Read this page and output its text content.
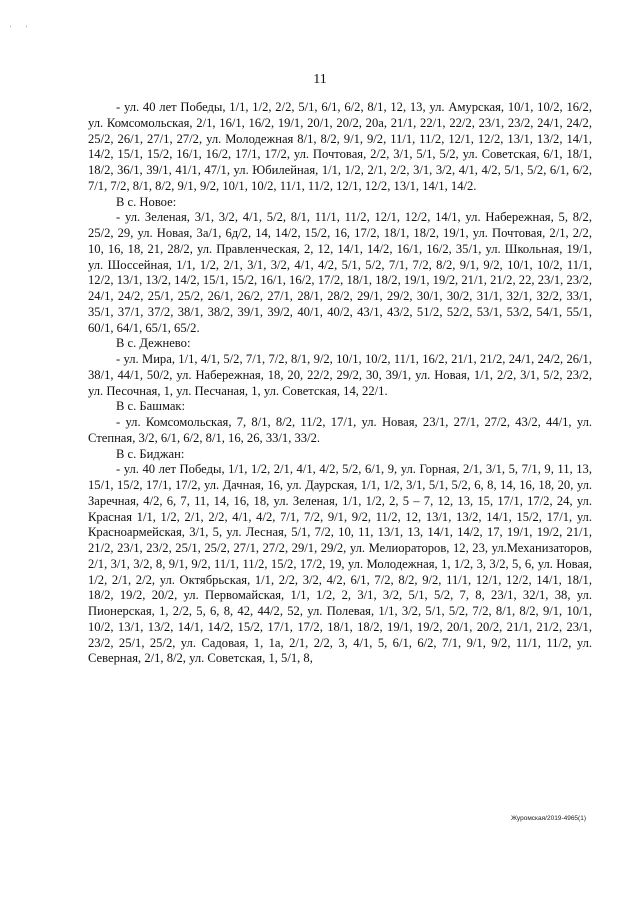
' '
11

- ул. 40 лет Победы, 1/1, 1/2, 2/2, 5/1, 6/1, 6/2, 8/1, 12, 13, ул. Амурская, 10/1, 10/2, 16/2, ул. Комсомольская, 2/1, 16/1, 16/2, 19/1, 20/1, 20/2, 20а, 21/1, 22/1, 22/2, 23/1, 23/2, 24/1, 24/2, 25/2, 26/1, 27/1, 27/2, ул. Молодежная 8/1, 8/2, 9/1, 9/2, 11/1, 11/2, 12/1, 12/2, 13/1, 13/2, 14/1, 14/2, 15/1, 15/2, 16/1, 16/2, 17/1, 17/2, ул. Почтовая, 2/2, 3/1, 5/1, 5/2, ул. Советская, 6/1, 18/1, 18/2, 36/1, 39/1, 41/1, 47/1, ул. Юбилейная, 1/1, 1/2, 2/1, 2/2, 3/1, 3/2, 4/1, 4/2, 5/1, 5/2, 6/1, 6/2, 7/1, 7/2, 8/1, 8/2, 9/1, 9/2, 10/1, 10/2, 11/1, 11/2, 12/1, 12/2, 13/1, 14/1, 14/2.

В с. Новое:

- ул. Зеленая, 3/1, 3/2, 4/1, 5/2, 8/1, 11/1, 11/2, 12/1, 12/2, 14/1, ул. Набережная, 5, 8/2, 25/2, 29, ул. Новая, 3а/1, 6д/2, 14, 14/2, 15/2, 16, 17/2, 18/1, 18/2, 19/1, ул. Почтовая, 2/1, 2/2, 10, 16, 18, 21, 28/2, ул. Правленческая, 2, 12, 14/1, 14/2, 16/1, 16/2, 35/1, ул. Школьная, 19/1, ул. Шоссейная, 1/1, 1/2, 2/1, 3/1, 3/2, 4/1, 4/2, 5/1, 5/2, 7/1, 7/2, 8/2, 9/1, 9/2, 10/1, 10/2, 11/1, 12/2, 13/1, 13/2, 14/2, 15/1, 15/2, 16/1, 16/2, 17/2, 18/1, 18/2, 19/1, 19/2, 21/1, 21/2, 22, 23/1, 23/2, 24/1, 24/2, 25/1, 25/2, 26/1, 26/2, 27/1, 28/1, 28/2, 29/1, 29/2, 30/1, 30/2, 31/1, 32/1, 32/2, 33/1, 35/1, 37/1, 37/2, 38/1, 38/2, 39/1, 39/2, 40/1, 40/2, 43/1, 43/2, 51/2, 52/2, 53/1, 53/2, 54/1, 55/1, 60/1, 64/1, 65/1, 65/2.

В с. Дежнево:

- ул. Мира, 1/1, 4/1, 5/2, 7/1, 7/2, 8/1, 9/2, 10/1, 10/2, 11/1, 16/2, 21/1, 21/2, 24/1, 24/2, 26/1, 38/1, 44/1, 50/2, ул. Набережная, 18, 20, 22/2, 29/2, 30, 39/1, ул. Новая, 1/1, 2/2, 3/1, 5/2, 23/2, ул. Песочная, 1, ул. Песчаная, 1, ул. Советская, 14, 22/1.

В с. Башмак:

- ул. Комсомольская, 7, 8/1, 8/2, 11/2, 17/1, ул. Новая, 23/1, 27/1, 27/2, 43/2, 44/1, ул. Степная, 3/2, 6/1, 6/2, 8/1, 16, 26, 33/1, 33/2.

В с. Биджан:

- ул. 40 лет Победы, 1/1, 1/2, 2/1, 4/1, 4/2, 5/2, 6/1, 9, ул. Горная, 2/1, 3/1, 5, 7/1, 9, 11, 13, 15/1, 15/2, 17/1, 17/2, ул. Дачная, 16, ул. Даурская, 1/1, 1/2, 3/1, 5/1, 5/2, 6, 8, 14, 16, 18, 20, ул. Заречная, 4/2, 6, 7, 11, 14, 16, 18, ул. Зеленая, 1/1, 1/2, 2, 5 – 7, 12, 13, 15, 17/1, 17/2, 24, ул. Красная 1/1, 1/2, 2/1, 2/2, 4/1, 4/2, 7/1, 7/2, 9/1, 9/2, 11/2, 12, 13/1, 13/2, 14/1, 15/2, 17/1, ул. Красноармейская, 3/1, 5, ул. Лесная, 5/1, 7/2, 10, 11, 13/1, 13, 14/1, 14/2, 17, 19/1, 19/2, 21/1, 21/2, 23/1, 23/2, 25/1, 25/2, 27/1, 27/2, 29/1, 29/2, ул. Мелиораторов, 12, 23, ул.Механизаторов, 2/1, 3/1, 3/2, 8, 9/1, 9/2, 11/1, 11/2, 15/2, 17/2, 19, ул. Молодежная, 1, 1/2, 3, 3/2, 5, 6, ул. Новая, 1/2, 2/1, 2/2, ул. Октябрьская, 1/1, 2/2, 3/2, 4/2, 6/1, 7/2, 8/2, 9/2, 11/1, 12/1, 12/2, 14/1, 18/1, 18/2, 19/2, 20/2, ул. Первомайская, 1/1, 1/2, 2, 3/1, 3/2, 5/1, 5/2, 7, 8, 23/1, 32/1, 38, ул. Пионерская, 1, 2/2, 5, 6, 8, 42, 44/2, 52, ул. Полевая, 1/1, 3/2, 5/1, 5/2, 7/2, 8/1, 8/2, 9/1, 10/1, 10/2, 13/1, 13/2, 14/1, 14/2, 15/2, 17/1, 17/2, 18/1, 18/2, 19/1, 19/2, 20/1, 20/2, 21/1, 21/2, 23/1, 23/2, 25/1, 25/2, ул. Садовая, 1, 1а, 2/1, 2/2, 3, 4/1, 5, 6/1, 6/2, 7/1, 9/1, 9/2, 11/1, 11/2, ул. Северная, 2/1, 8/2, ул. Советская, 1, 5/1, 8,

Журомская/2019-4965(1)
